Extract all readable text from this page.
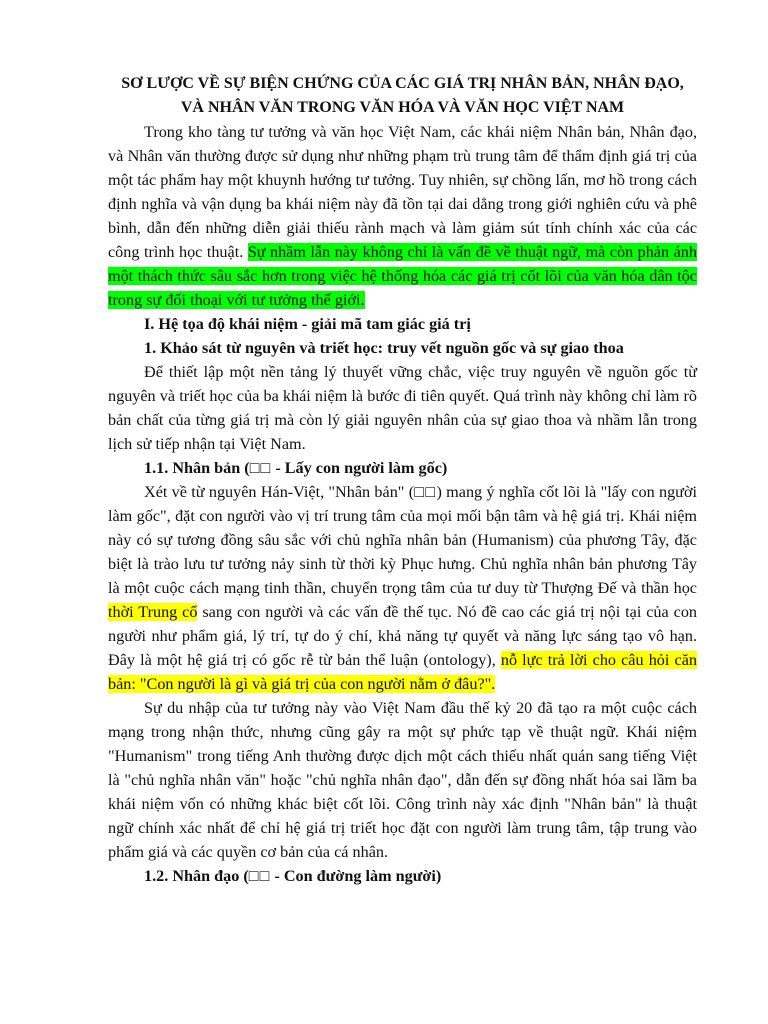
SƠ LƯỢC VỀ SỰ BIỆN CHỨNG CỦA CÁC GIÁ TRỊ NHÂN BẢN, NHÂN ĐẠO, VÀ NHÂN VĂN TRONG VĂN HÓA VÀ VĂN HỌC VIỆT NAM

Trong kho tàng tư tưởng và văn học Việt Nam, các khái niệm Nhân bản, Nhân đạo, và Nhân văn thường được sử dụng như những phạm trù trung tâm để thẩm định giá trị của một tác phẩm hay một khuynh hướng tư tưởng. Tuy nhiên, sự chồng lấn, mơ hồ trong cách định nghĩa và vận dụng ba khái niệm này đã tồn tại dai dẳng trong giới nghiên cứu và phê bình, dẫn đến những diễn giải thiếu rành mạch và làm giảm sút tính chính xác của các công trình học thuật. Sự nhầm lẫn này không chỉ là vấn đề về thuật ngữ, mà còn phản ánh một thách thức sâu sắc hơn trong việc hệ thống hóa các giá trị cốt lõi của văn hóa dân tộc trong sự đối thoại với tư tưởng thế giới.

I. Hệ tọa độ khái niệm - giải mã tam giác giá trị
1. Khảo sát từ nguyên và triết học: truy vết nguồn gốc và sự giao thoa

Để thiết lập một nền tảng lý thuyết vững chắc, việc truy nguyên về nguồn gốc từ nguyên và triết học của ba khái niệm là bước đi tiên quyết. Quá trình này không chỉ làm rõ bản chất của từng giá trị mà còn lý giải nguyên nhân của sự giao thoa và nhầm lẫn trong lịch sử tiếp nhận tại Việt Nam.

1.1. Nhân bản (□□ - Lấy con người làm gốc)

Xét về từ nguyên Hán-Việt, "Nhân bản" (□□) mang ý nghĩa cốt lõi là "lấy con người làm gốc", đặt con người vào vị trí trung tâm của mọi mối bận tâm và hệ giá trị. Khái niệm này có sự tương đồng sâu sắc với chủ nghĩa nhân bản (Humanism) của phương Tây, đặc biệt là trào lưu tư tưởng nảy sinh từ thời kỳ Phục hưng. Chủ nghĩa nhân bản phương Tây là một cuộc cách mạng tinh thần, chuyển trọng tâm của tư duy từ Thượng Đế và thần học thời Trung cổ sang con người và các vấn đề thế tục. Nó đề cao các giá trị nội tại của con người như phẩm giá, lý trí, tự do ý chí, khả năng tự quyết và năng lực sáng tạo vô hạn. Đây là một hệ giá trị có gốc rễ từ bản thể luận (ontology), nỗ lực trả lời cho câu hỏi căn bản: "Con người là gì và giá trị của con người nằm ở đâu?".

Sự du nhập của tư tưởng này vào Việt Nam đầu thế kỷ 20 đã tạo ra một cuộc cách mạng trong nhận thức, nhưng cũng gây ra một sự phức tạp về thuật ngữ. Khái niệm "Humanism" trong tiếng Anh thường được dịch một cách thiếu nhất quán sang tiếng Việt là "chủ nghĩa nhân văn" hoặc "chủ nghĩa nhân đạo", dẫn đến sự đồng nhất hóa sai lầm ba khái niệm vốn có những khác biệt cốt lõi. Công trình này xác định "Nhân bản" là thuật ngữ chính xác nhất để chỉ hệ giá trị triết học đặt con người làm trung tâm, tập trung vào phẩm giá và các quyền cơ bản của cá nhân.

1.2. Nhân đạo (□□ - Con đường làm người)
